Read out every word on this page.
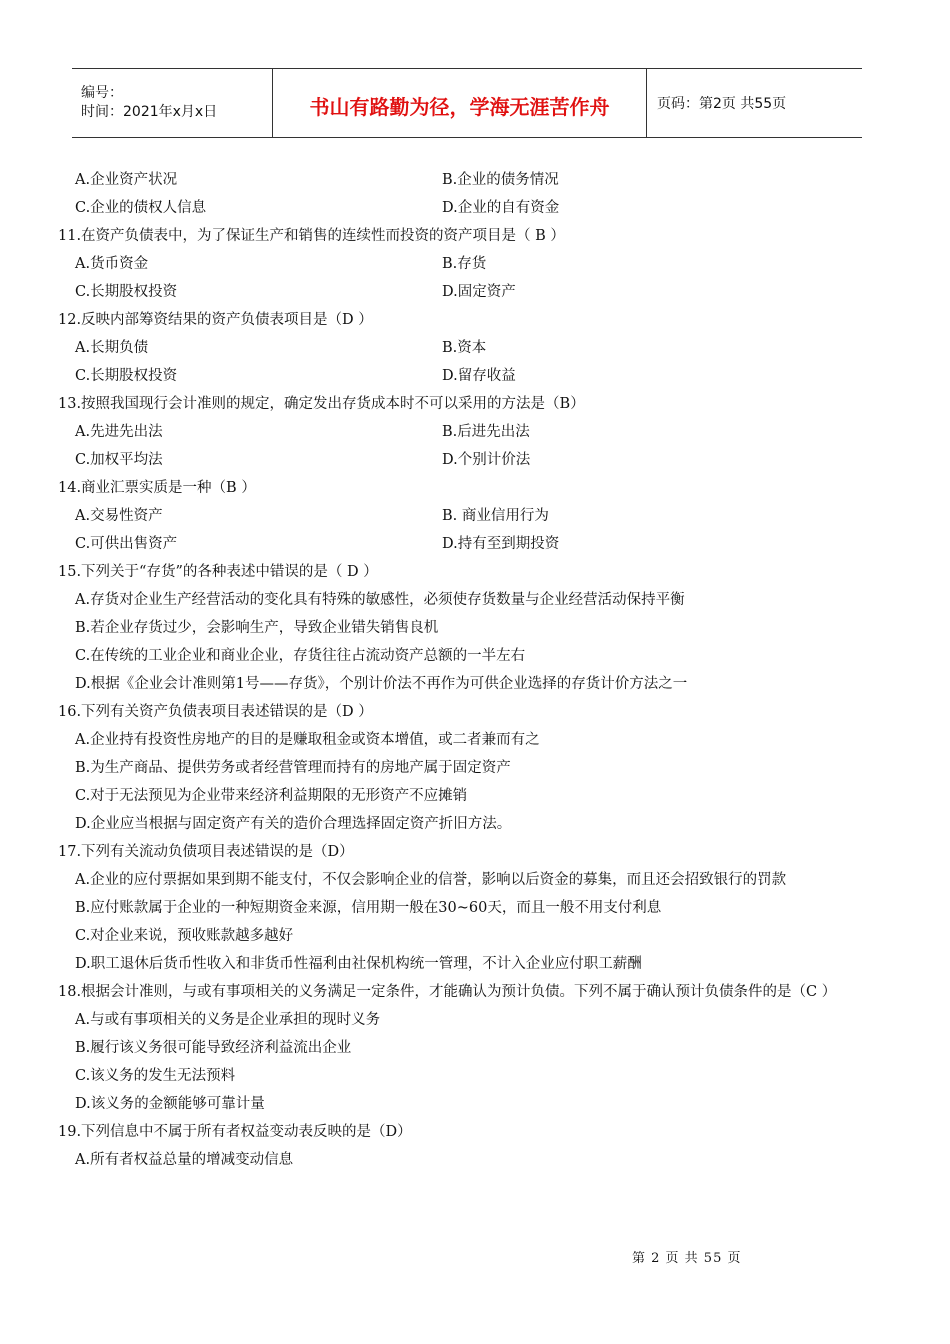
编号：
时间：2021年x月x日	书山有路勤为径，学海无涯苦作舟	页码：第2页 共55页
A.企业资产状况	B.企业的债务情况
C.企业的债权人信息	D.企业的自有资金
11.在资产负债表中，为了保证生产和销售的连续性而投资的资产项目是（ B ）
A.货币资金	B.存货
C.长期股权投资	D.固定资产
12.反映内部筹资结果的资产负债表项目是（D ）
A.长期负债	B.资本
C.长期股权投资	D.留存收益
13.按照我国现行会计准则的规定，确定发出存货成本时不可以采用的方法是（B）
A.先进先出法	B.后进先出法
C.加权平均法	D.个别计价法
14.商业汇票实质是一种（B ）
A.交易性资产	B. 商业信用行为
C.可供出售资产	D.持有至到期投资
15.下列关于“存货”的各种表述中错误的是（ D ）
A.存货对企业生产经营活动的变化具有特殊的敏感性，必须使存货数量与企业经营活动保持平衡
B.若企业存货过少，会影响生产，导致企业错失销售良机
C.在传统的工业企业和商业企业，存货往往占流动资产总额的一半左右
D.根据《企业会计准则第1号——存货》，个别计价法不再作为可供企业选择的存货计价方法之一
16.下列有关资产负债表项目表述错误的是（D ）
A.企业持有投资性房地产的目的是赚取租金或资本增值，或二者兼而有之
B.为生产商品、提供劳务或者经营管理而持有的房地产属于固定资产
C.对于无法预见为企业带来经济利益期限的无形资产不应摊销
D.企业应当根据与固定资产有关的造价合理选择固定资产折旧方法。
17.下列有关流动负债项目表述错误的是（D）
A.企业的应付票据如果到期不能支付，不仅会影响企业的信誉，影响以后资金的募集，而且还会招致银行的罚款
B.应付账款属于企业的一种短期资金来源，信用期一般在30~60天，而且一般不用支付利息
C.对企业来说，预收账款越多越好
D.职工退休后货币性收入和非货币性福利由社保机构统一管理，不计入企业应付职工薪酬
18.根据会计准则，与或有事项相关的义务满足一定条件，才能确认为预计负债。下列不属于确认预计负债条件的是（C ）
A.与或有事项相关的义务是企业承担的现时义务
B.履行该义务很可能导致经济利益流出企业
C.该义务的发生无法预料
D.该义务的金额能够可靠计量
19.下列信息中不属于所有者权益变动表反映的是（D）
A.所有者权益总量的增减变动信息
第 2 页 共 55 页
